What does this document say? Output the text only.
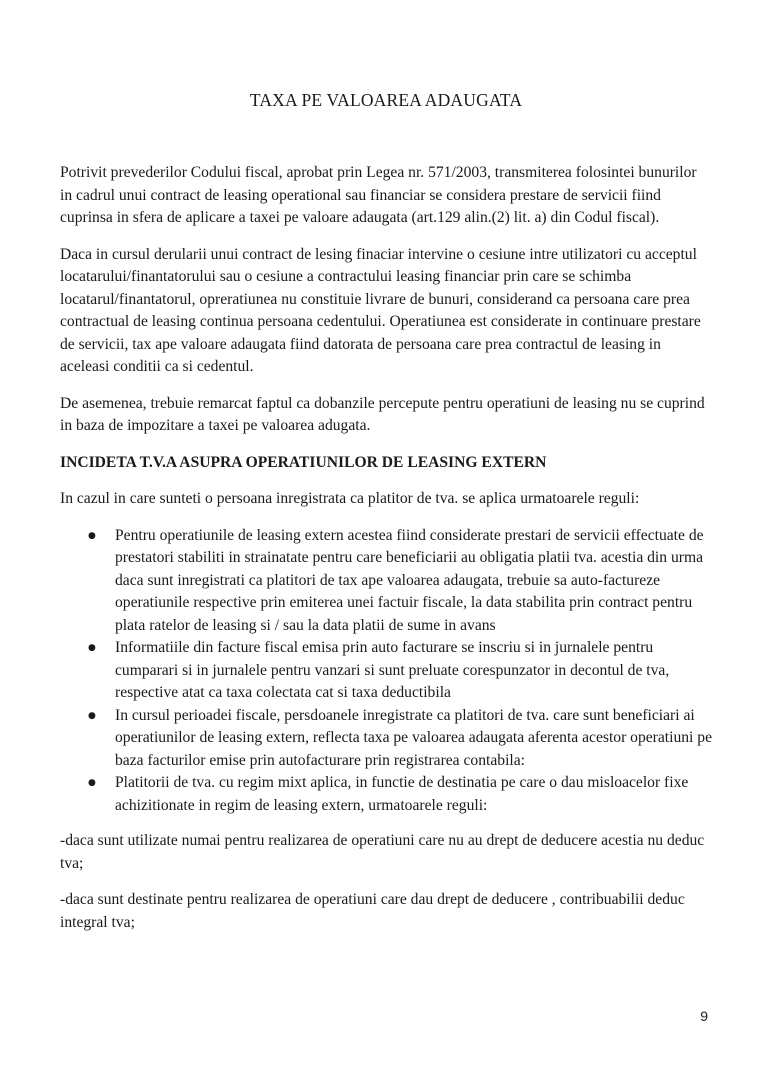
TAXA PE VALOAREA ADAUGATA

Potrivit prevederilor Codului fiscal, aprobat prin Legea nr. 571/2003, transmiterea folosintei bunurilor in cadrul unui contract de leasing operational sau financiar se considera prestare de servicii fiind cuprinsa in sfera de aplicare a taxei pe valoare adaugata (art.129 alin.(2) lit. a) din Codul fiscal).

Daca in cursul derularii unui contract de lesing finaciar intervine o cesiune intre utilizatori cu acceptul locatarului/finantatorului sau o cesiune a contractului leasing financiar prin care se schimba locatarul/finantatorul, opreratiunea nu constituie livrare de bunuri, considerand ca persoana care prea contractual de leasing continua persoana cedentului. Operatiunea est considerate in continuare prestare de servicii, tax ape valoare adaugata fiind datorata de persoana care prea contractul de leasing in aceleasi conditii ca si cedentul.

De asemenea, trebuie remarcat faptul ca dobanzile percepute pentru operatiuni de leasing nu se cuprind in baza de impozitare a taxei pe valoarea adugata.

INCIDETA T.V.A ASUPRA OPERATIUNILOR DE LEASING EXTERN

In cazul in care sunteti o persoana inregistrata ca platitor de tva. se aplica urmatoarele reguli:

● Pentru operatiunile de leasing extern acestea fiind considerate prestari de servicii effectuate de prestatori stabiliti in strainatate pentru care beneficiarii au obligatia platii tva. acestia din urma daca sunt inregistrati ca platitori de tax ape valoarea adaugata, trebuie sa auto-factureze operatiunile respective prin emiterea unei factuir fiscale, la data stabilita prin contract pentru plata ratelor de leasing si / sau la data platii de sume in avans
● Informatiile din facture fiscal emisa prin auto facturare se inscriu si in jurnalele pentru cumparari si in jurnalele pentru vanzari si sunt preluate corespunzator in decontul de tva, respective atat ca taxa colectata cat si taxa deductibila
● In cursul perioadei fiscale, persdoanele inregistrate ca platitori de tva. care sunt beneficiari ai operatiunilor de leasing extern, reflecta taxa pe valoarea adaugata aferenta acestor operatiuni pe baza facturilor emise prin autofacturare prin registrarea contabila:
● Platitorii de tva. cu regim mixt aplica, in functie de destinatia pe care o dau misloacelor fixe achizitionate in regim de leasing extern, urmatoarele reguli:

-daca sunt utilizate numai pentru realizarea de operatiuni care nu au drept de deducere acestia nu deduc tva;

-daca sunt destinate pentru realizarea de operatiuni care dau drept de deducere , contribuabilii deduc integral tva;

9
